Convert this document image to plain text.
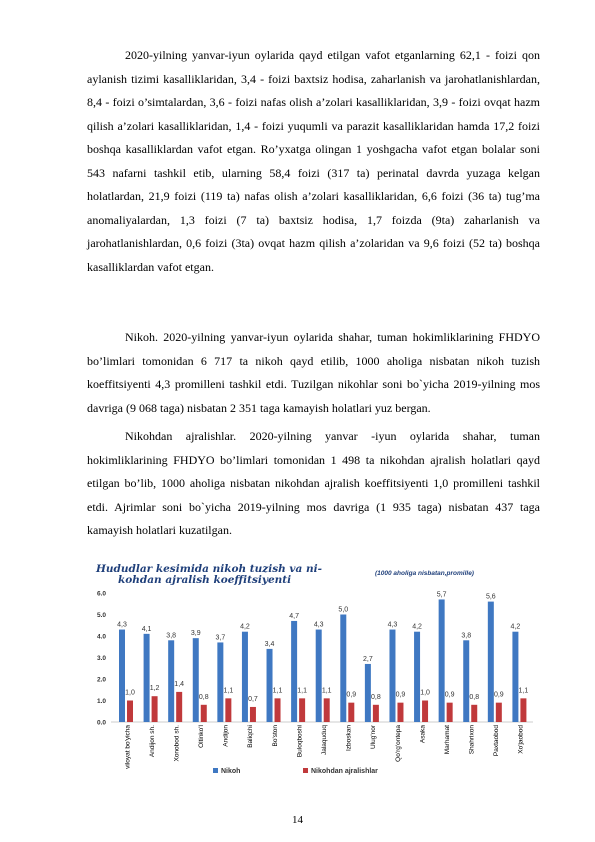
2020-yilning yanvar-iyun oylarida qayd etilgan vafot etganlarning 62,1 - foizi qon aylanish tizimi kasalliklaridan, 3,4 - foizi baxtsiz hodisa, zaharlanish va jarohatlanishlardan, 8,4 - foizi o’simtalardan, 3,6 - foizi nafas olish a’zolari kasalliklaridan, 3,9 - foizi ovqat hazm qilish a’zolari kasalliklaridan, 1,4 - foizi yuqumli va parazit kasalliklaridan hamda 17,2 foizi boshqa kasalliklardan vafot etgan. Ro’yxatga olingan 1 yoshgacha vafot etgan bolalar soni 543 nafarni tashkil etib, ularning 58,4 foizi (317 ta) perinatal davrda yuzaga kelgan holatlardan, 21,9 foizi (119 ta) nafas olish a’zolari kasalliklaridan, 6,6 foizi (36 ta) tug’ma anomaliyalardan, 1,3 foizi (7 ta) baxtsiz hodisa, 1,7 foizda (9ta) zaharlanish va jarohatlanishlardan, 0,6 foizi (3ta) ovqat hazm qilish a’zolaridan va 9,6 foizi (52 ta) boshqa kasalliklardan vafot etgan.
Nikoh. 2020-yilning yanvar-iyun oylarida shahar, tuman hokimliklarining FHDYO bo’limlari tomonidan 6 717 ta nikoh qayd etilib, 1000 aholiga nisbatan nikoh tuzish koeffitsiyenti 4,3 promilleni tashkil etdi. Tuzilgan nikohlar soni bo`yicha 2019-yilning mos davriga (9 068 taga) nisbatan 2 351 taga kamayish holatlari yuz bergan.
Nikohdan ajralishlar. 2020-yilning yanvar -iyun oylarida shahar, tuman hokimliklarining FHDYO bo’limlari tomonidan 1 498 ta nikohdan ajralish holatlari qayd etilgan bo’lib, 1000 aholiga nisbatan nikohdan ajralish koeffitsiyenti 1,0 promilleni tashkil etdi. Ajrimlar soni bo`yicha 2019-yilning mos davriga (1 935 taga) nisbatan 437 taga kamayish holatlari kuzatilgan.
Hududlar kesimida nikoh tuzish va ni-
kohdan ajralish koeffitsiyenti
(1000 aholiga nisbatan,promille)
0.0
1.0
2.0
3.0
4.0
5.0
6.0
4,3
1,0
viloyat bo'yicha
4,1
1,2
Andijon sh.
3,8
1,4
Xonobod sh.
3,9
0,8
Oltinko'l
3,7
1,1
Andijon
4,2
0,7
Baliqchi
3,4
1,1
Bo'ston
4,7
1,1
Buloqboshi
4,3
1,1
Jalaquduq
5,0
0,9
Izboskan
2,7
0,8
Ulug'nor
4,3
0,9
Qo'rg'ontepa
4,2
1,0
Asaka
5,7
0,9
Marhamat
3,8
0,8
Shahrixon
5,6
0,9
Paxtaobod
4,2
1,1
Xo'jaobod
Nikoh	Nikohdan ajralishlar
14
